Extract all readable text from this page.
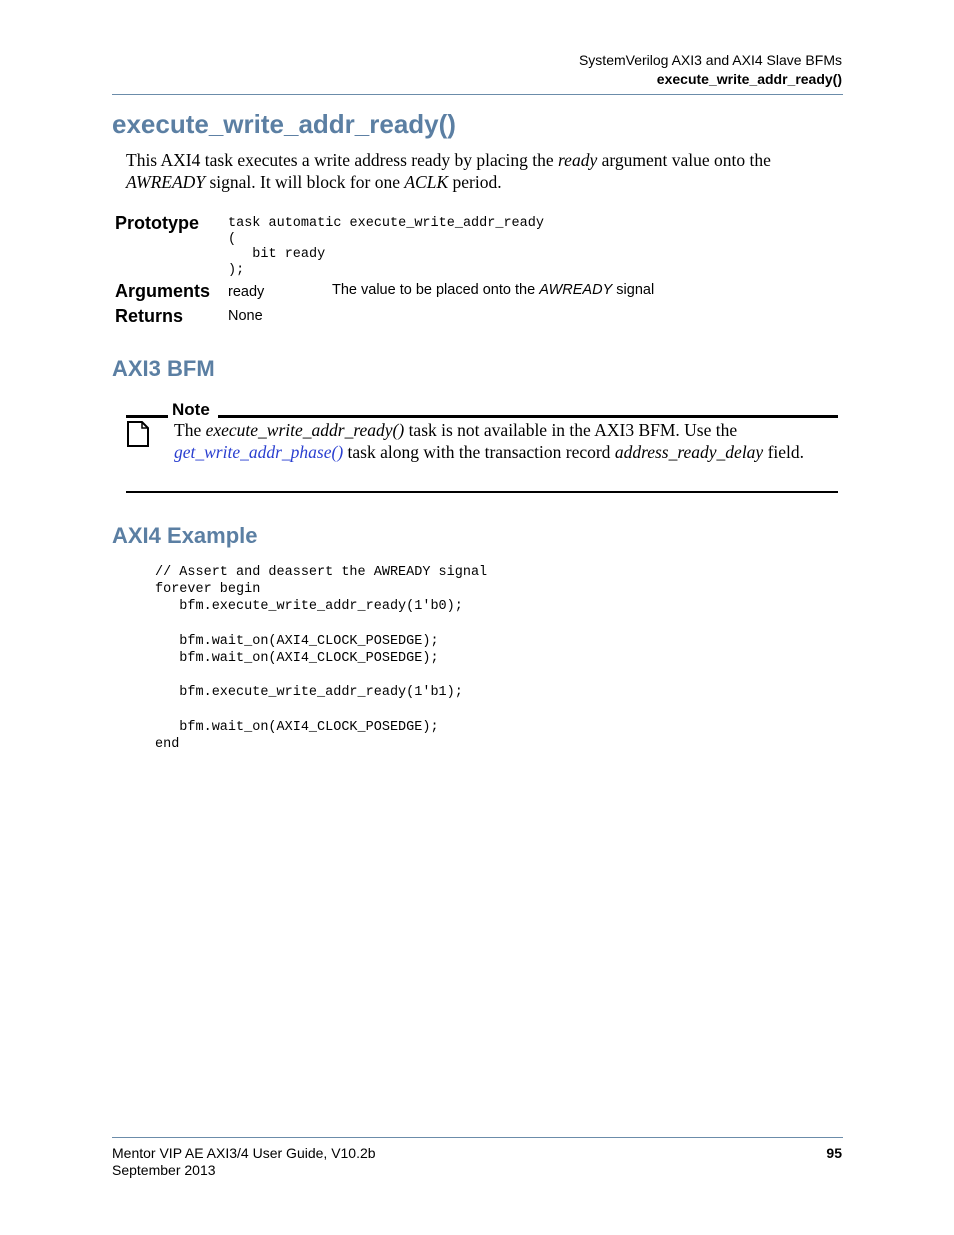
SystemVerilog AXI3 and AXI4 Slave BFMs
execute_write_addr_ready()
execute_write_addr_ready()

This AXI4 task executes a write address ready by placing the ready argument value onto the AWREADY signal. It will block for one ACLK period.

Prototype task automatic execute_write_addr_ready
(
bit ready
);
Arguments ready	The value to be placed onto the AWREADY signal
Returns	None
AXI3 BFM
Note

The execute_write_addr_ready() task is not available in the AXI3 BFM. Use the get_write_addr_phase() task along with the transaction record address_ready_delay field.

AXI4 Example
// Assert and deassert the AWREADY signal
forever begin
bfm.execute_write_addr_ready(1'b0);

bfm.wait_on(AXI4_CLOCK_POSEDGE);
bfm.wait_on(AXI4_CLOCK_POSEDGE);

bfm.execute_write_addr_ready(1'b1);

bfm.wait_on(AXI4_CLOCK_POSEDGE);
end
Mentor VIP AE AXI3/4 User Guide, V10.2b
September 2013
95
